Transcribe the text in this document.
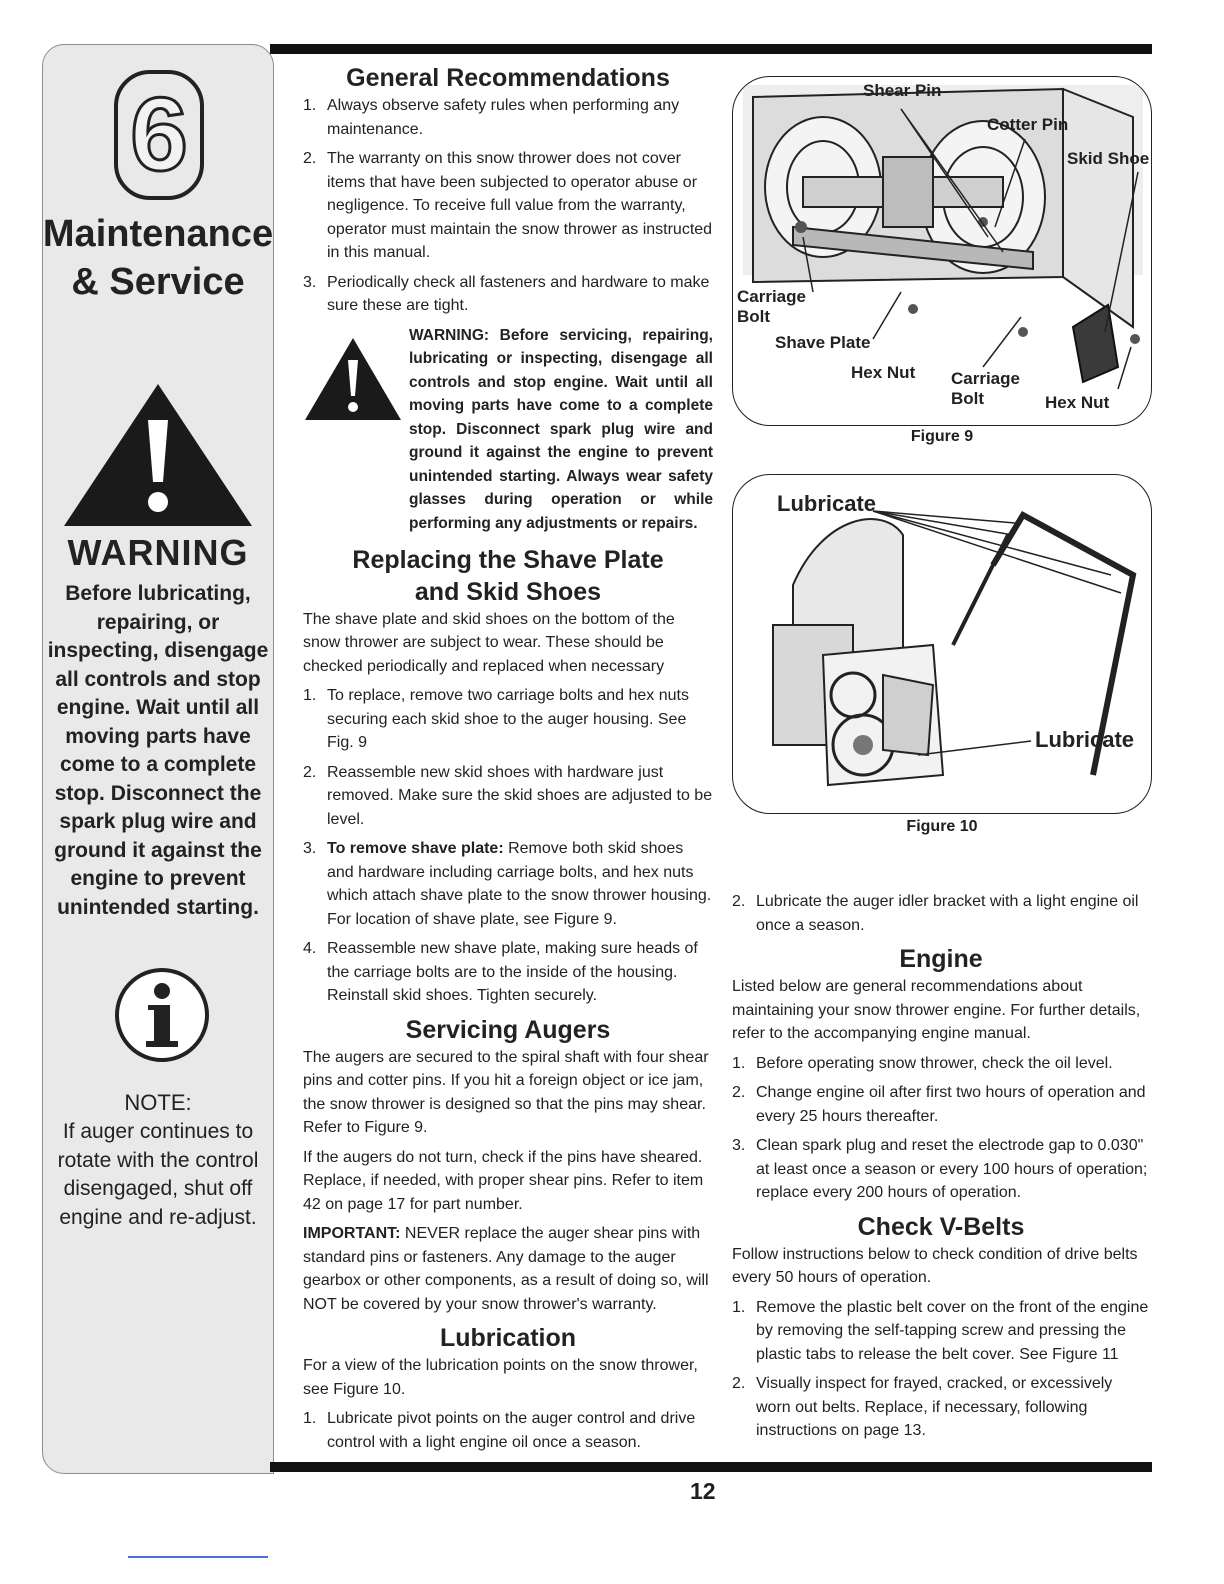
6
Maintenance
& Service
WARNING
Before lubricating, repairing, or inspecting, disengage all controls and stop engine. Wait until all moving parts have come to a complete stop. Disconnect the spark plug wire and ground it against the engine to prevent unintended starting.
NOTE:
If auger continues to rotate with the control disengaged, shut off engine and re-adjust.
General Recommendations
1. Always observe safety rules when performing any maintenance.
2. The warranty on this snow thrower does not cover items that have been subjected to operator abuse or negligence. To receive full value from the warranty, operator must maintain the snow thrower as instructed in this manual.
3. Periodically check all fasteners and hardware to make sure these are tight.
WARNING: Before servicing, repairing, lubricating or inspecting, disengage all controls and stop engine. Wait until all moving parts have come to a complete stop. Disconnect spark plug wire and ground it against the engine to prevent unintended starting. Always wear safety glasses during operation or while performing any adjustments or repairs.
Replacing the Shave Plate
and Skid Shoes

The shave plate and skid shoes on the bottom of the snow thrower are subject to wear. These should be checked periodically and replaced when necessary

1. To replace, remove two carriage bolts and hex nuts securing each skid shoe to the auger housing. See Fig. 9
2. Reassemble new skid shoes with hardware just removed. Make sure the skid shoes are adjusted to be level.
3. To remove shave plate: Remove both skid shoes and hardware including carriage bolts, and hex nuts which attach shave plate to the snow thrower housing. For location of shave plate, see Figure 9.
4. Reassemble new shave plate, making sure heads of the carriage bolts are to the inside of the housing. Reinstall skid shoes. Tighten securely.
Servicing Augers

The augers are secured to the spiral shaft with four shear pins and cotter pins. If you hit a foreign object or ice jam, the snow thrower is designed so that the pins may shear. Refer to Figure 9.

If the augers do not turn, check if the pins have sheared. Replace, if needed, with proper shear pins. Refer to item 42 on page 17 for part number.

IMPORTANT: NEVER replace the auger shear pins with standard pins or fasteners. Any damage to the auger gearbox or other components, as a result of doing so, will NOT be covered by your snow thrower's warranty.

Lubrication

For a view of the lubrication points on the snow thrower, see Figure 10.

1. Lubricate pivot points on the auger control and drive control with a light engine oil once a season.
Shear Pin
Cotter Pin
Skid Shoe
Carriage
Bolt
Shave Plate
Hex Nut Carriage
Bolt	Hex Nut
Figure 9
Lubricate
Lubricate
Figure 10
2. Lubricate the auger idler bracket with a light engine oil once a season.
Engine

Listed below are general recommendations about maintaining your snow thrower engine. For further details, refer to the accompanying engine manual.

1. Before operating snow thrower, check the oil level.
2. Change engine oil after first two hours of operation and every 25 hours thereafter.
3. Clean spark plug and reset the electrode gap to 0.030" at least once a season or every 100 hours of operation; replace every 200 hours of operation.
Check V-Belts

Follow instructions below to check condition of drive belts every 50 hours of operation.

1. Remove the plastic belt cover on the front of the engine by removing the self-tapping screw and pressing the plastic tabs to release the belt cover. See Figure 11
2. Visually inspect for frayed, cracked, or excessively worn out belts. Replace, if necessary, following instructions on page 13.
12
